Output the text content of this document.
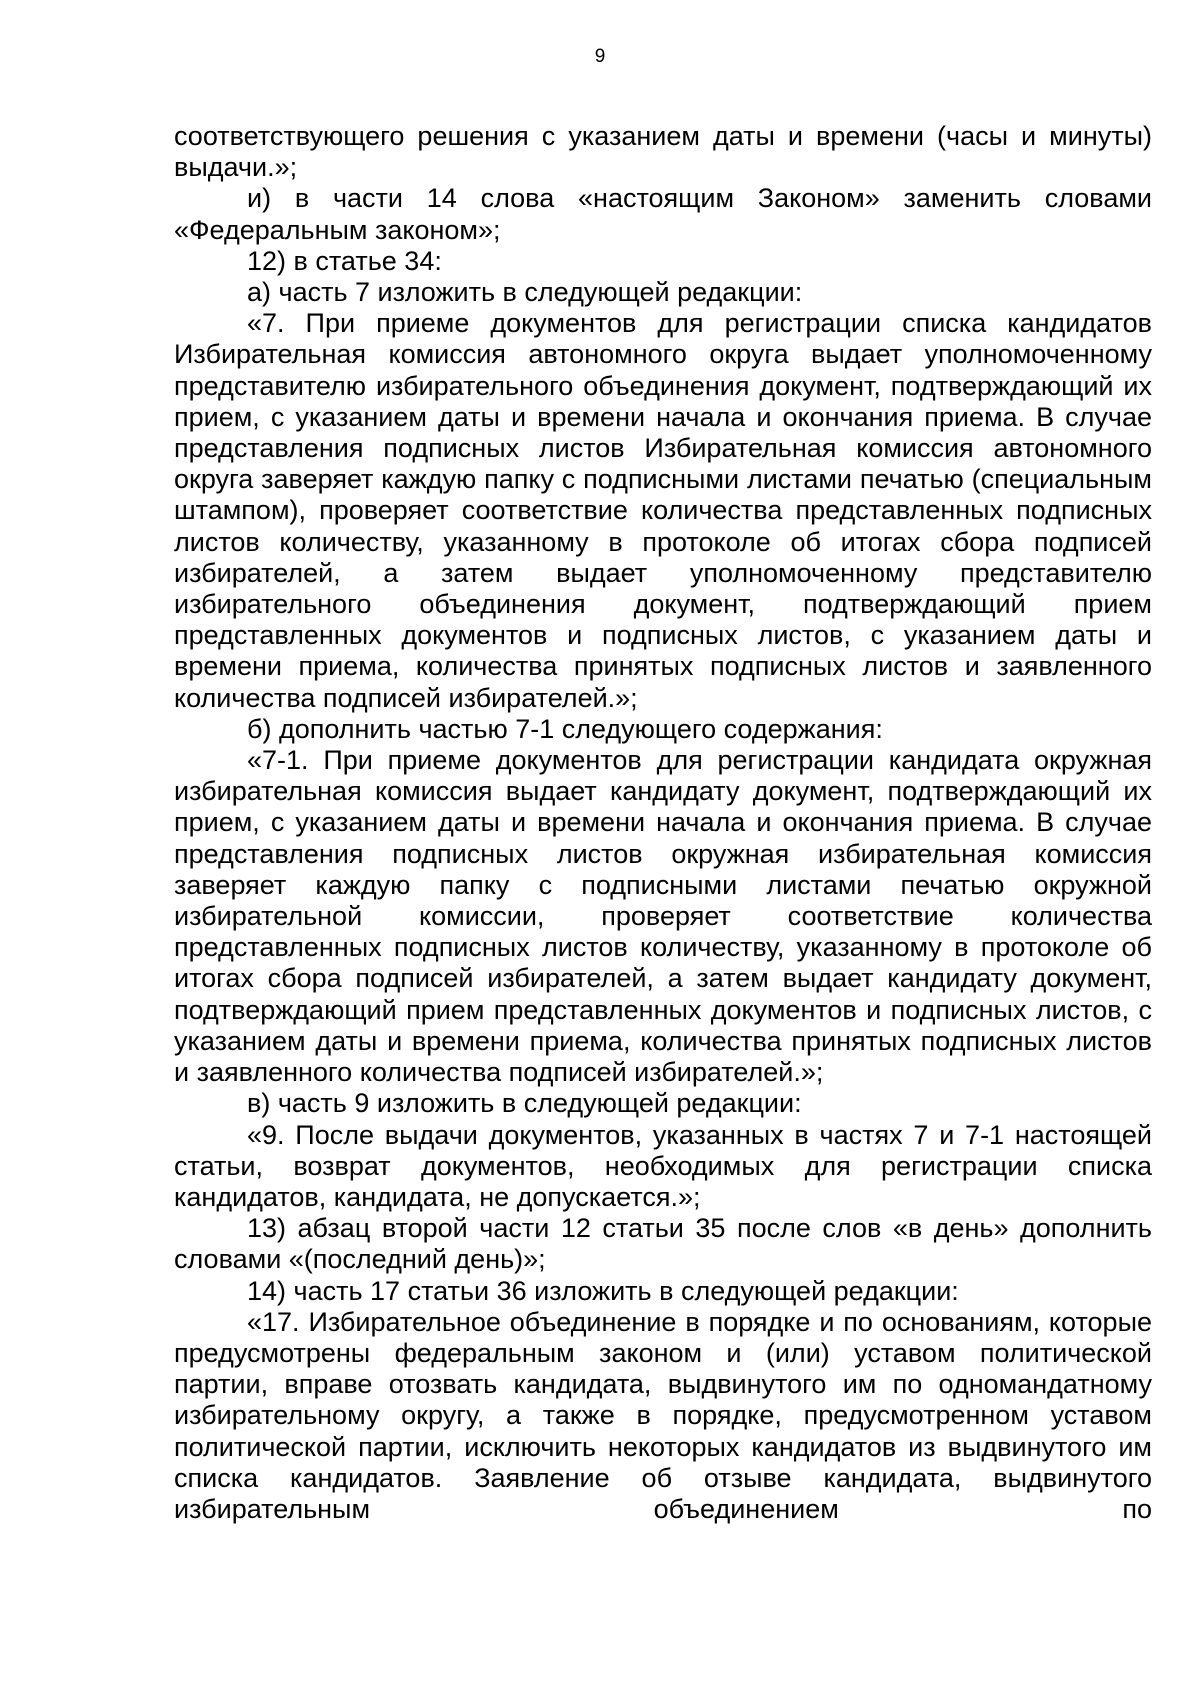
9

соответствующего решения с указанием даты и времени (часы и минуты) выдачи.»;

и) в части 14 слова «настоящим Законом» заменить словами «Федеральным законом»;

12) в статье 34:

а) часть 7 изложить в следующей редакции:

«7. При приеме документов для регистрации списка кандидатов Избирательная комиссия автономного округа выдает уполномоченному представителю избирательного объединения документ, подтверждающий их прием, с указанием даты и времени начала и окончания приема. В случае представления подписных листов Избирательная комиссия автономного округа заверяет каждую папку с подписными листами печатью (специальным штампом), проверяет соответствие количества представленных подписных листов количеству, указанному в протоколе об итогах сбора подписей избирателей, а затем выдает уполномоченному представителю избирательного объединения документ, подтверждающий прием представленных документов и подписных листов, с указанием даты и времени приема, количества принятых подписных листов и заявленного количества подписей избирателей.»;

б) дополнить частью 7-1 следующего содержания:

«7-1. При приеме документов для регистрации кандидата окружная избирательная комиссия выдает кандидату документ, подтверждающий их прием, с указанием даты и времени начала и окончания приема. В случае представления подписных листов окружная избирательная комиссия заверяет каждую папку с подписными листами печатью окружной избирательной комиссии, проверяет соответствие количества представленных подписных листов количеству, указанному в протоколе об итогах сбора подписей избирателей, а затем выдает кандидату документ, подтверждающий прием представленных документов и подписных листов, с указанием даты и времени приема, количества принятых подписных листов и заявленного количества подписей избирателей.»;

в) часть 9 изложить в следующей редакции:

«9. После выдачи документов, указанных в частях 7 и 7-1 настоящей статьи, возврат документов, необходимых для регистрации списка кандидатов, кандидата, не допускается.»;

13) абзац второй части 12 статьи 35 после слов «в день» дополнить словами «(последний день)»;

14) часть 17 статьи 36 изложить в следующей редакции:

«17. Избирательное объединение в порядке и по основаниям, которые предусмотрены федеральным законом и (или) уставом политической партии, вправе отозвать кандидата, выдвинутого им по одномандатному избирательному округу, а также в порядке, предусмотренном уставом политической партии, исключить некоторых кандидатов из выдвинутого им списка кандидатов. Заявление об отзыве кандидата, выдвинутого избирательным объединением по
